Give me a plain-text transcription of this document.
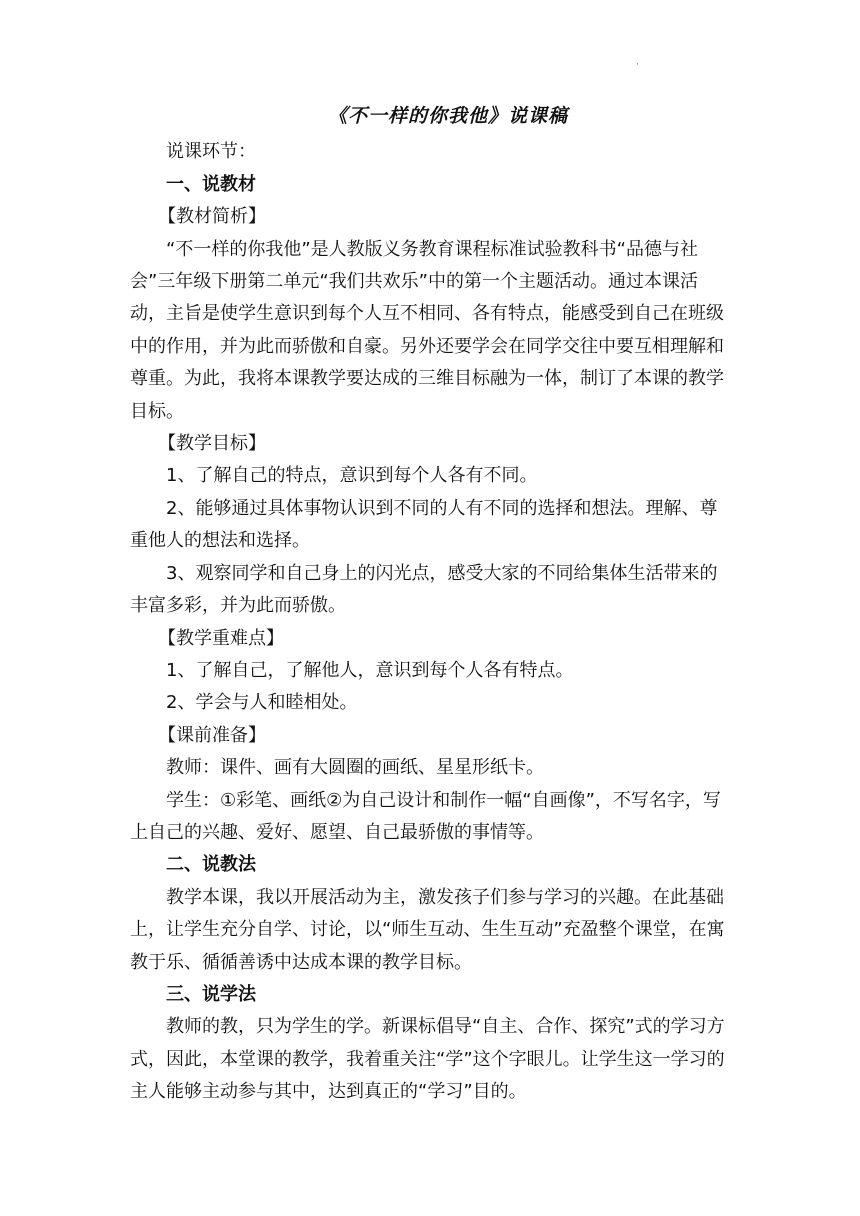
·

《不一样的你我他》说课稿

说课环节：

一、说教材

【教材简析】

“不一样的你我他”是人教版义务教育课程标准试验教科书“品德与社会”三年级下册第二单元“我们共欢乐”中的第一个主题活动。通过本课活动，主旨是使学生意识到每个人互不相同、各有特点，能感受到自己在班级中的作用，并为此而骄傲和自豪。另外还要学会在同学交往中要互相理解和尊重。为此，我将本课教学要达成的三维目标融为一体，制订了本课的教学目标。

【教学目标】

1、了解自己的特点，意识到每个人各有不同。

2、能够通过具体事物认识到不同的人有不同的选择和想法。理解、尊重他人的想法和选择。

3、观察同学和自己身上的闪光点，感受大家的不同给集体生活带来的丰富多彩，并为此而骄傲。

【教学重难点】

1、了解自己，了解他人，意识到每个人各有特点。

2、学会与人和睦相处。

【课前准备】

教师：课件、画有大圆圈的画纸、星星形纸卡。

学生：①彩笔、画纸②为自己设计和制作一幅“自画像”，不写名字，写上自己的兴趣、爱好、愿望、自己最骄傲的事情等。

二、说教法

教学本课，我以开展活动为主，激发孩子们参与学习的兴趣。在此基础上，让学生充分自学、讨论，以“师生互动、生生互动”充盈整个课堂，在寓教于乐、循循善诱中达成本课的教学目标。

三、说学法

教师的教，只为学生的学。新课标倡导“自主、合作、探究”式的学习方式，因此，本堂课的教学，我着重关注“学”这个字眼儿。让学生这一学习的主人能够主动参与其中，达到真正的“学习”目的。
